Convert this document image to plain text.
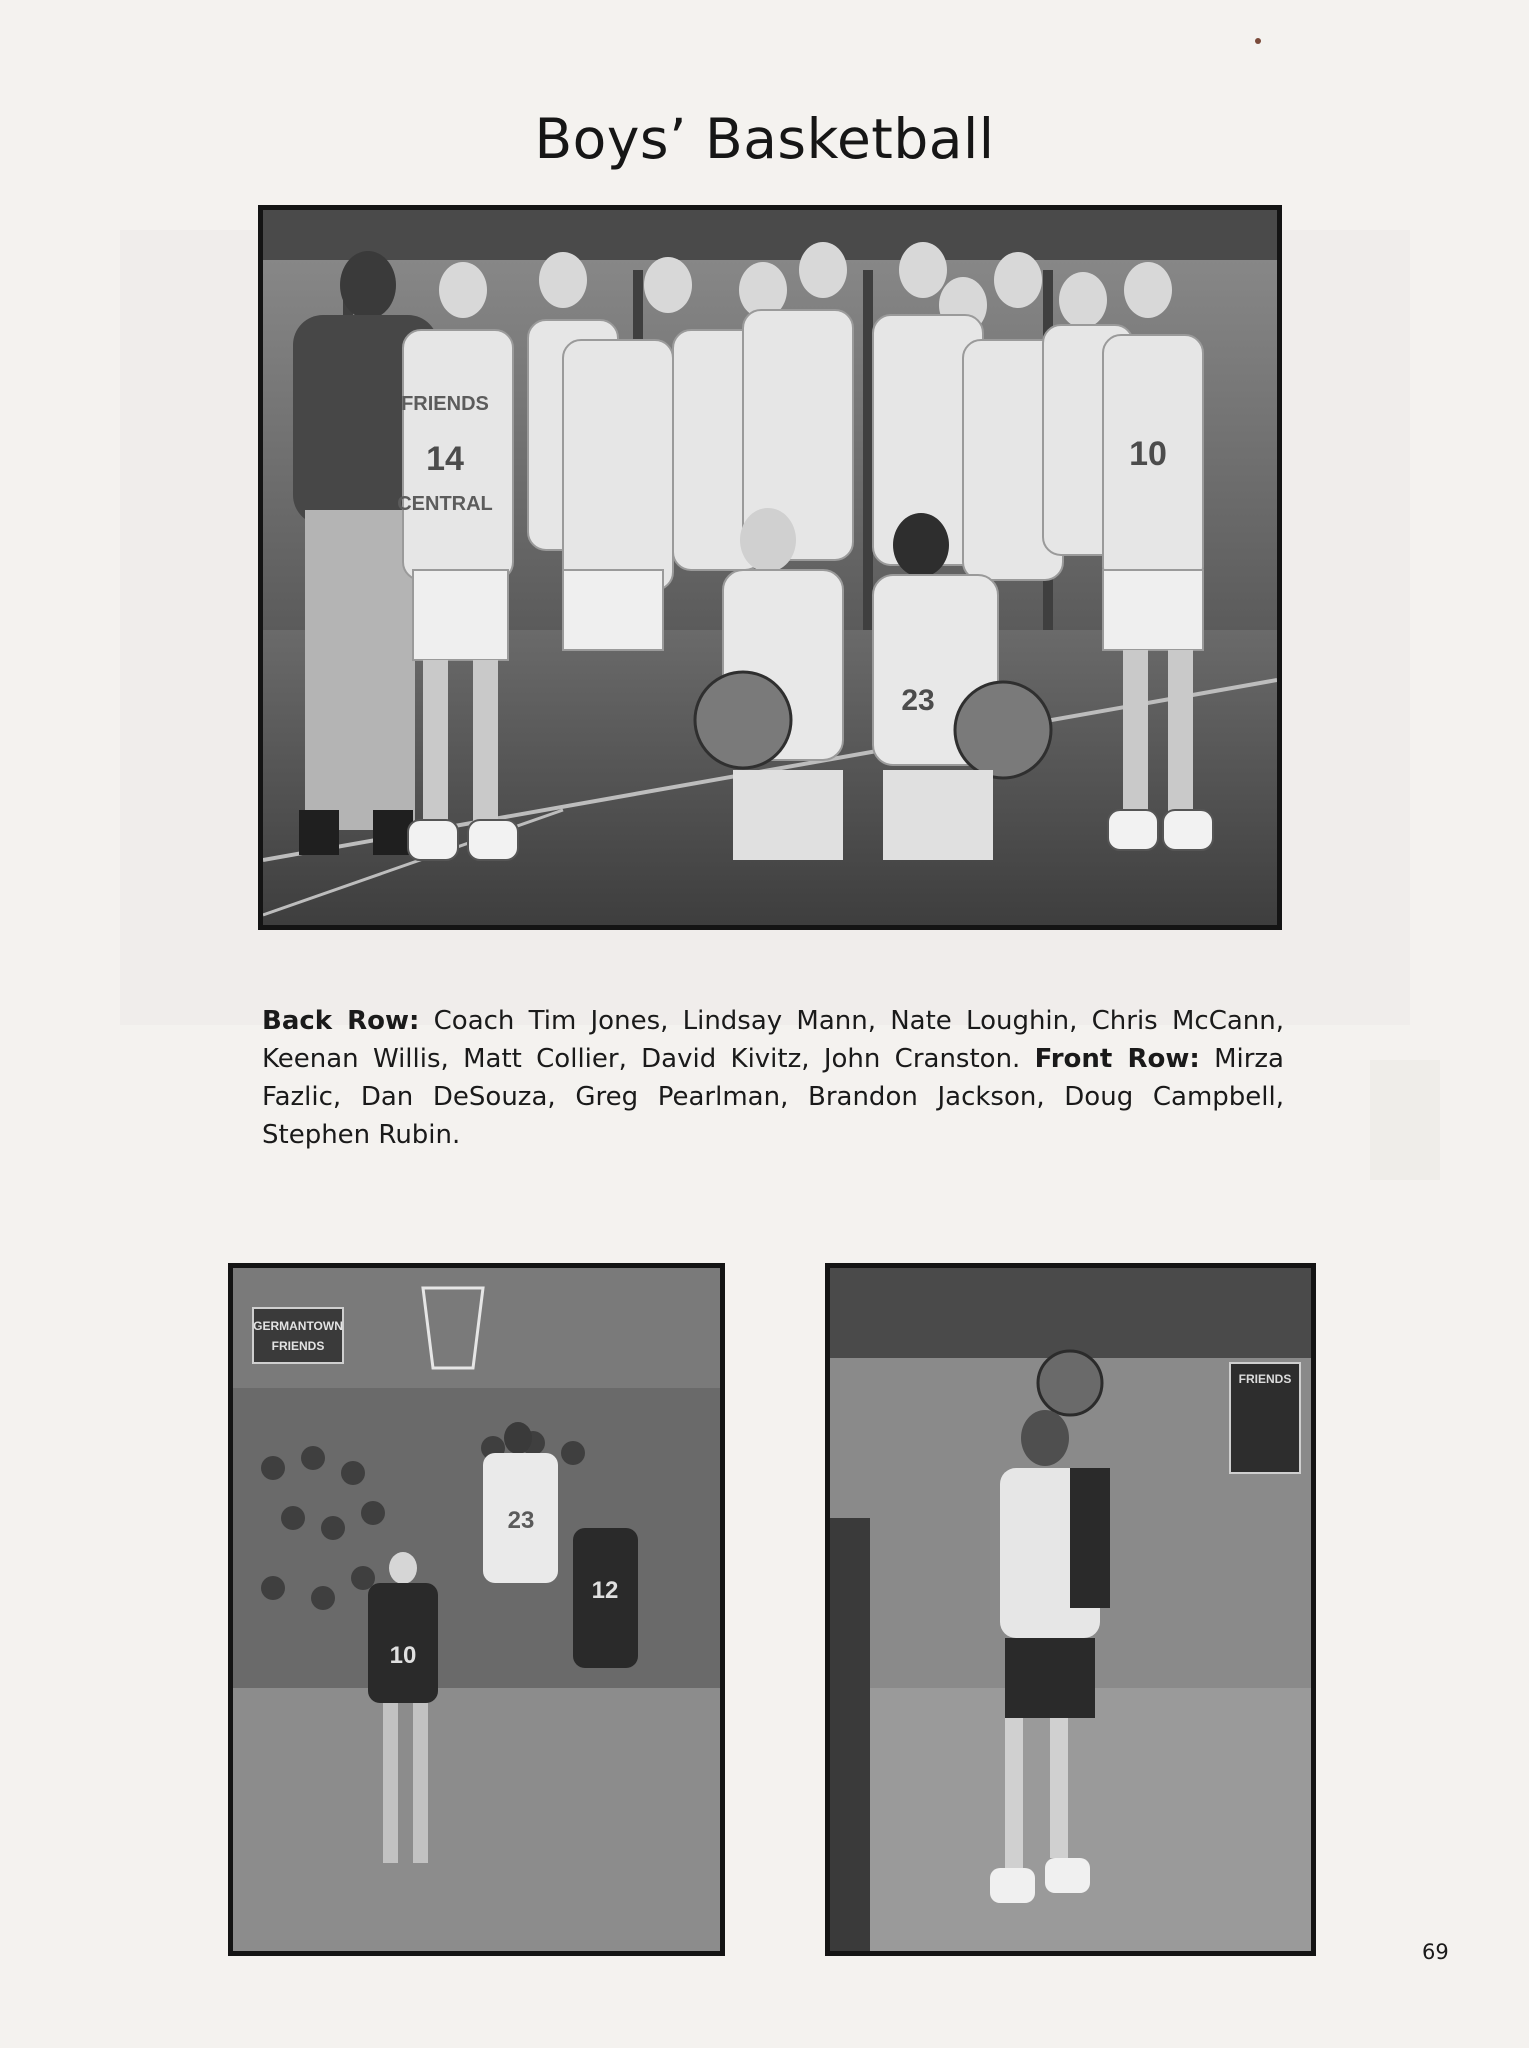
Boys’ Basketball
FRIENDS
14
CENTRAL
10
23
Back Row: Coach Tim Jones, Lindsay Mann, Nate Loughin, Chris McCann, Keenan Willis, Matt Collier, David Kivitz, John Cranston. Front Row: Mirza Fazlic, Dan DeSouza, Greg Pearlman, Brandon Jackson, Doug Campbell, Stephen Rubin.
GERMANTOWN
FRIENDS
10
23
12
FRIENDS
69
